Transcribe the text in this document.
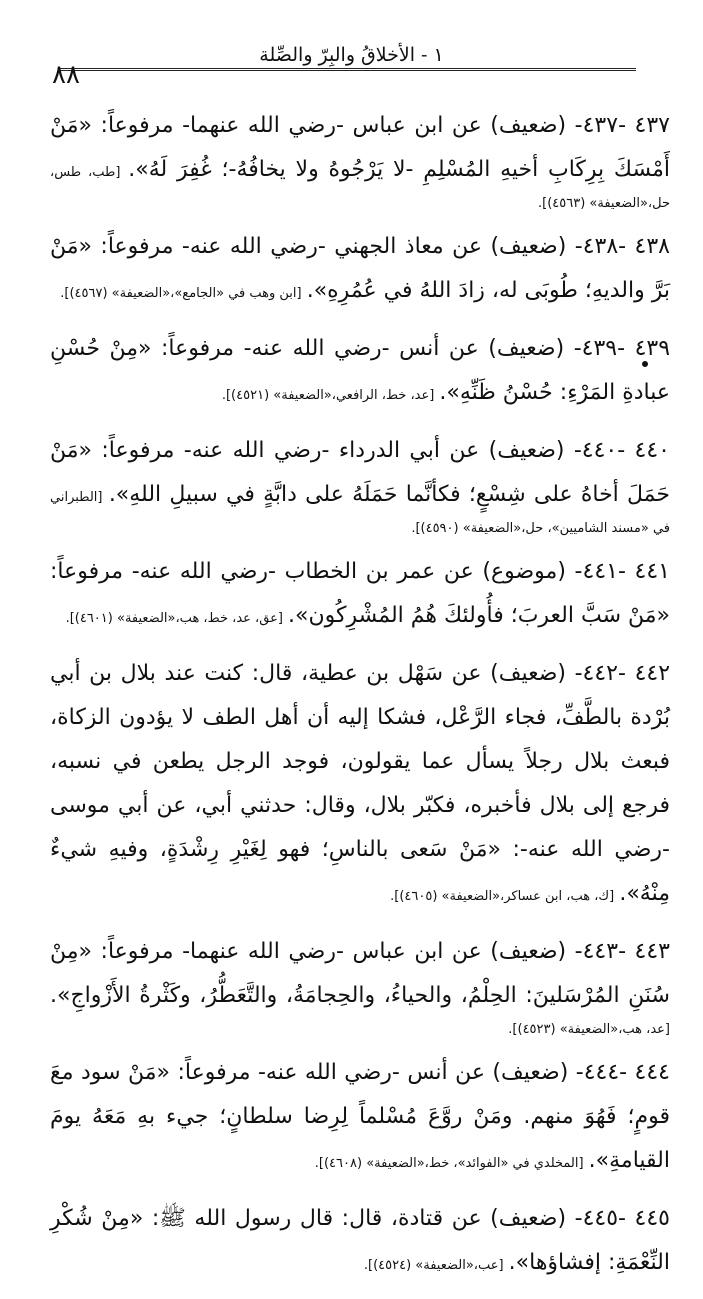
١ - الأخلاقُ والبِرّ والصِّلة
٨٨

٤٣٧ -٤٣٧- (ضعيف) عن ابن عباس -رضي الله عنهما- مرفوعاً: «مَنْ أَمْسَكَ بِرِكَابِ أخيهِ المُسْلِمِ -لا يَرْجُوهُ ولا يخافُهُ-؛ غُفِرَ لَهُ». [طب، طس، حل،«الضعيفة» (٤٥٦٣)].

٤٣٨ -٤٣٨- (ضعيف) عن معاذ الجهني -رضي الله عنه- مرفوعاً: «مَنْ بَرَّ والديهِ؛ طُوبَى له، زادَ اللهُ في عُمُرِهِ». [ابن وهب في «الجامع»،«الضعيفة» (٤٥٦٧)].

٤٣٩ -٤٣٩- (ضعيف) عن أنس -رضي الله عنه- مرفوعاً: «مِنْ حُسْنِ عبادةِ المَرْءِ: حُسْنُ ظَنِّهِ». [عد، خط، الرافعي،«الضعيفة» (٤٥٢١)].

٤٤٠ -٤٤٠- (ضعيف) عن أبي الدرداء -رضي الله عنه- مرفوعاً: «مَنْ حَمَلَ أخاهُ على شِسْعٍ؛ فكأنَّما حَمَلَهُ على دابَّةٍ في سبيلِ اللهِ». [الطبراني في «مسند الشاميين»، حل،«الضعيفة» (٤٥٩٠)].

٤٤١ -٤٤١- (موضوع) عن عمر بن الخطاب -رضي الله عنه- مرفوعاً: «مَنْ سَبَّ العربَ؛ فأُولئكَ هُمُ المُشْرِكُون». [عق، عد، خط، هب،«الضعيفة» (٤٦٠١)].

٤٤٢ -٤٤٢- (ضعيف) عن سَهْل بن عطية، قال: كنت عند بلال بن أبي بُرْدة بالطَّفِّ، فجاء الرَّعْل، فشكا إليه أن أهل الطف لا يؤدون الزكاة، فبعث بلال رجلاً يسأل عما يقولون، فوجد الرجل يطعن في نسبه، فرجع إلى بلال فأخبره، فكبّر بلال، وقال: حدثني أبي، عن أبي موسى -رضي الله عنه-: «مَنْ سَعى بالناسِ؛ فهو لِغَيْرِ رِشْدَةٍ، وفيهِ شيءٌ مِنْهُ». [ك، هب، ابن عساكر،«الضعيفة» (٤٦٠٥)].

٤٤٣ -٤٤٣- (ضعيف) عن ابن عباس -رضي الله عنهما- مرفوعاً: «مِنْ سُنَنِ المُرْسَلينَ: الحِلْمُ، والحياءُ، والحِجامَةُ، والتَّعَطُّرُ، وكَثْرةُ الأَزْواجِ». [عد، هب،«الضعيفة» (٤٥٢٣)].

٤٤٤ -٤٤٤- (ضعيف) عن أنس -رضي الله عنه- مرفوعاً: «مَنْ سود معَ قومٍ؛ فَهُوَ منهم. ومَنْ روَّعَ مُسْلماً لِرِضا سلطانٍ؛ جيء بهِ مَعَهُ يومَ القيامةِ». [المخلدي في «الفوائد»، خط،«الضعيفة» (٤٦٠٨)].

٤٤٥ -٤٤٥- (ضعيف) عن قتادة، قال: قال رسول الله ﷺ: «مِنْ شُكْرِ النِّعْمَةِ: إفشاؤها». [عب،«الضعيفة» (٤٥٢٤)].
